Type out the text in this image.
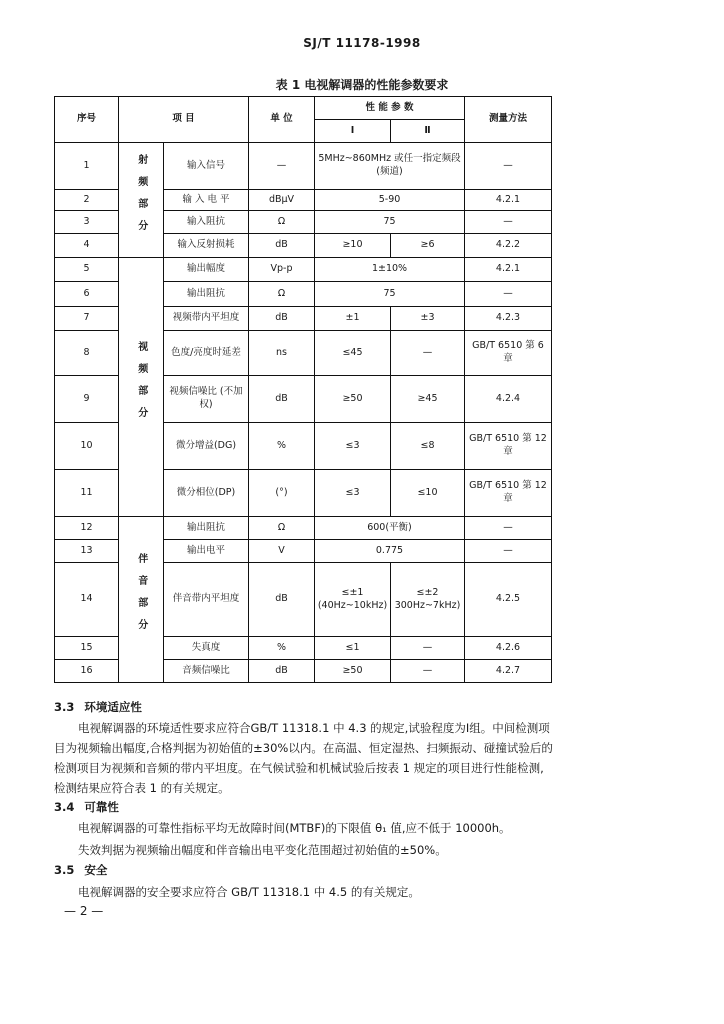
SJ/T 11178-1998
表 1 电视解调器的性能参数要求
序号	项 目		单 位	性 能 参 数		测量方法
				Ⅰ	Ⅱ	
1	射频部分	输入信号	—	5MHz~860MHz 或任一指定频段(频道)		—
2		输 入 电 平	dBμV	5-90		4.2.1
3		输入阻抗	Ω	75		—
4		输入反射损耗	dB	≥10	≥6	4.2.2
5	视频部分	输出幅度	Vp-p	1±10%		4.2.1
6		输出阻抗	Ω	75		—
7		视频带内平坦度	dB	±1	±3	4.2.3
8		色度/亮度时延差	ns	≤45	—	GB/T 6510 第 6 章
9		视频信噪比 (不加权)	dB	≥50	≥45	4.2.4
10		微分增益(DG)	%	≤3	≤8	GB/T 6510 第 12 章
11		微分相位(DP)	(°)	≤3	≤10	GB/T 6510 第 12 章
12	伴音部分	输出阻抗	Ω	600(平衡)		—
13		输出电平	V	0.775		—
14		伴音带内平坦度	dB	≤±1 (40Hz~10kHz)	≤±2 300Hz~7kHz)	4.2.5
15		失真度	%	≤1	—	4.2.6
16		音频信噪比	dB	≥50	—	4.2.7
3.3 环境适应性
电视解调器的环境适性要求应符合GB/T 11318.1 中 4.3 的规定,试验程度为Ⅰ组。中间检测项目为视频输出幅度,合格判据为初始值的±30%以内。在高温、恒定湿热、扫频振动、碰撞试验后的检测项目为视频和音频的带内平坦度。在气候试验和机械试验后按表 1 规定的项目进行性能检测,检测结果应符合表 1 的有关规定。
3.4 可靠性
电视解调器的可靠性指标平均无故障时间(MTBF)的下限值 θ₁ 值,应不低于 10000h。
失效判据为视频输出幅度和伴音输出电平变化范围超过初始值的±50%。
3.5 安全
电视解调器的安全要求应符合 GB/T 11318.1 中 4.5 的有关规定。
— 2 —
